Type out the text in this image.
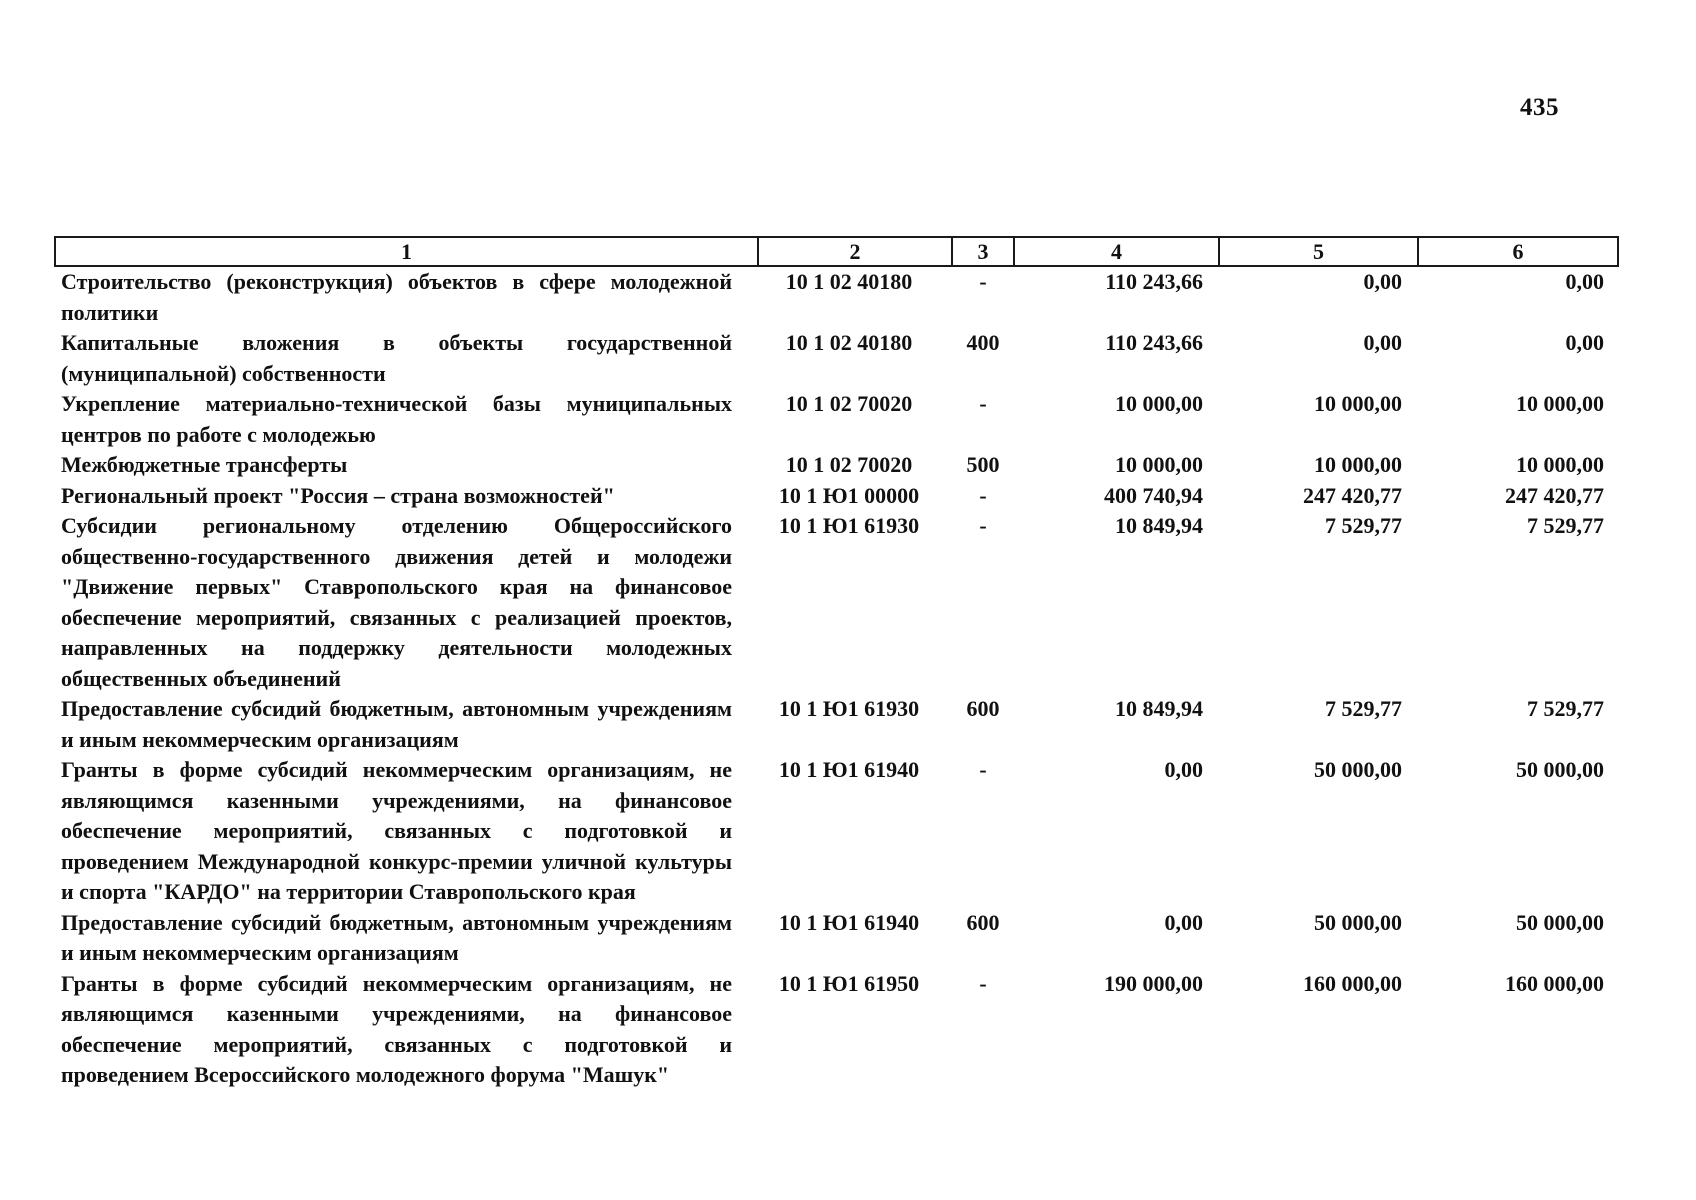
435
1	2	3	4	5	6
Строительство (реконструкция) объектов в сфере молодежной политики	10 1 02 40180	-	110 243,66	0,00	0,00
Капитальные вложения в объекты государственной (муниципальной) собственности	10 1 02 40180	400	110 243,66	0,00	0,00
Укрепление материально-технической базы муниципальных центров по работе с молодежью	10 1 02 70020	-	10 000,00	10 000,00	10 000,00
Межбюджетные трансферты	10 1 02 70020	500	10 000,00	10 000,00	10 000,00
Региональный проект "Россия – страна возможностей"	10 1 Ю1 00000	-	400 740,94	247 420,77	247 420,77
Субсидии региональному отделению Общероссийского общественно-государственного движения детей и молодежи "Движение первых" Ставропольского края на финансовое обеспечение мероприятий, связанных с реализацией проектов, направленных на поддержку деятельности молодежных общественных объединений	10 1 Ю1 61930	-	10 849,94	7 529,77	7 529,77
Предоставление субсидий бюджетным, автономным учреждениям и иным некоммерческим организациям	10 1 Ю1 61930	600	10 849,94	7 529,77	7 529,77
Гранты в форме субсидий некоммерческим организациям, не являющимся казенными учреждениями, на финансовое обеспечение мероприятий, связанных с подготовкой и проведением Международной конкурс-премии уличной культуры и спорта "КАРДО" на территории Ставропольского края	10 1 Ю1 61940	-	0,00	50 000,00	50 000,00
Предоставление субсидий бюджетным, автономным учреждениям и иным некоммерческим организациям	10 1 Ю1 61940	600	0,00	50 000,00	50 000,00
Гранты в форме субсидий некоммерческим организациям, не являющимся казенными учреждениями, на финансовое обеспечение мероприятий, связанных с подготовкой и проведением Всероссийского молодежного форума "Машук"	10 1 Ю1 61950	-	190 000,00	160 000,00	160 000,00
